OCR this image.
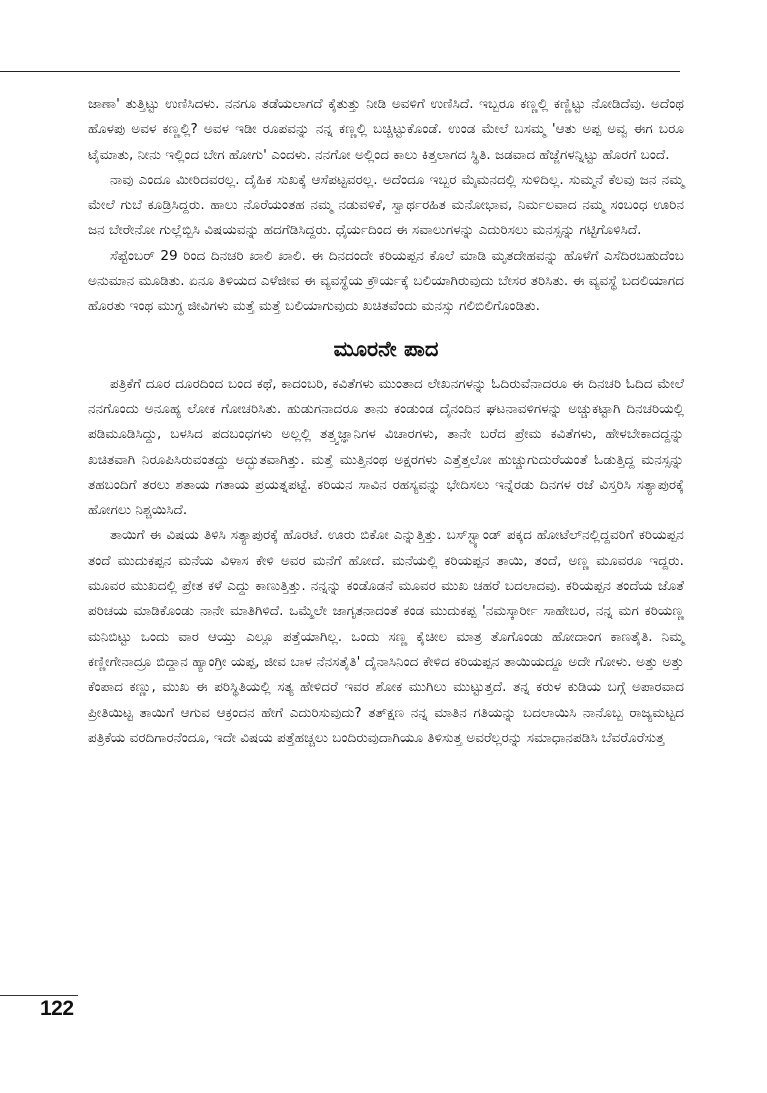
ಜಾಣಾ' ತುತ್ತಿಟ್ಟು ಉಣಿಸಿದಳು. ನನಗೂ ತಡೆಯಲಾಗದೆ ಕೈತುತ್ತು ನೀಡಿ ಅವಳಿಗೆ ಉಣಿಸಿದೆ. ಇಬ್ಬರೂ ಕಣ್ಣಲ್ಲಿ ಕಣ್ಣಿಟ್ಟು ನೋಡಿದೆವು. ಅದೆಂಥ ಹೊಳಪು ಅವಳ ಕಣ್ಣಲ್ಲಿ? ಅವಳ ಇಡೀ ರೂಪವನ್ನು ನನ್ನ ಕಣ್ಣಲ್ಲಿ ಬಚ್ಚಿಟ್ಟುಕೊಂಡೆ. ಉಂಡ ಮೇಲೆ ಬಸಮ್ಮ 'ಆತು ಅಪ್ಪ ಅವ್ವ ಈಗ ಬರೂ ಟೈಮಾತು, ನೀನು ಇಲ್ಲಿಂದ ಬೇಗ ಹೋಗು' ಎಂದಳು. ನನಗೋ ಅಲ್ಲಿಂದ ಕಾಲು ಕಿತ್ತಲಾಗದ ಸ್ಥಿತಿ. ಜಡವಾದ ಹೆಜ್ಜೆಗಳನ್ನಿಟ್ಟು ಹೊರಗೆ ಬಂದೆ.

ನಾವು ಎಂದೂ ಮೀರಿದವರಲ್ಲ. ದೈಹಿಕ ಸುಖಕ್ಕೆ ಆಸೆಪಟ್ಟವರಲ್ಲ. ಅದೆಂದೂ ಇಬ್ಬರ ಮೈಮನದಲ್ಲಿ ಸುಳಿದಿಲ್ಲ. ಸುಮ್ಮನೆ ಕೆಲವು ಜನ ನಮ್ಮ ಮೇಲೆ ಗುಬೆ ಕೂಡ್ರಿಸಿದ್ದರು. ಹಾಲು ನೊರೆಯಂತಹ ನಮ್ಮ ನಡುವಳಿಕೆ, ಸ್ವಾರ್ಥರಹಿತ ಮನೋಭಾವ, ನಿರ್ಮಲವಾದ ನಮ್ಮ ಸಂಬಂಧ ಊರಿನ ಜನ ಬೇರೇನೋ ಗುಲ್ಲೆಬ್ಬಿಸಿ ವಿಷಯವನ್ನು ಹದಗೆಡಿಸಿದ್ದರು. ಧೈರ್ಯದಿಂದ ಈ ಸವಾಲುಗಳನ್ನು ಎದುರಿಸಲು ಮನಸ್ಸನ್ನು ಗಟ್ಟಿಗೊಳಿಸಿದೆ.

ಸೆಪ್ಟೆಂಬರ್ 29 ರಿಂದ ದಿನಚರಿ ಖಾಲಿ ಖಾಲಿ. ಈ ದಿನದಂದೇ ಕರಿಯಪ್ಪನ ಕೊಲೆ ಮಾಡಿ ಮೃತದೇಹವನ್ನು ಹೊಳೆಗೆ ಎಸೆದಿರಬಹುದೆಂಬ ಅನುಮಾನ ಮೂಡಿತು. ಏನೂ ತಿಳಿಯದ ಎಳೆಜೀವ ಈ ವ್ಯವಸ್ಥೆಯ ಕ್ರೌರ್ಯಕ್ಕೆ ಬಲಿಯಾಗಿರುವುದು ಬೇಸರ ತರಿಸಿತು. ಈ ವ್ಯವಸ್ಥೆ ಬದಲಿಯಾಗದ ಹೊರತು ಇಂಥ ಮುಗ್ಧ ಜೀವಿಗಳು ಮತ್ತೆ ಮತ್ತೆ ಬಲಿಯಾಗುವುದು ಖಚಿತವೆಂದು ಮನಸ್ಸು ಗಲಿಬಿಲಿಗೊಂಡಿತು.

ಮೂರನೇ ಪಾದ

ಪತ್ರಿಕೆಗೆ ದೂರ ದೂರದಿಂದ ಬಂದ ಕಥೆ, ಕಾದಂಬರಿ, ಕವಿತೆಗಳು ಮುಂತಾದ ಲೇಖನಗಳನ್ನು ಓದಿರುವೆನಾದರೂ ಈ ದಿನಚರಿ ಓದಿದ ಮೇಲೆ ನನಗೊಂದು ಅನೂಹ್ಯ ಲೋಕ ಗೋಚರಿಸಿತು. ಹುಡುಗನಾದರೂ ತಾನು ಕಂಡುಂಡ ದೈನಂದಿನ ಘಟನಾವಳಿಗಳನ್ನು ಅಚ್ಚುಕಟ್ಟಾಗಿ ದಿನಚರಿಯಲ್ಲಿ ಪಡಿಮೂಡಿಸಿದ್ದು, ಬಳಸಿದ ಪದಬಂಧಗಳು ಅಲ್ಲಲ್ಲಿ ತತ್ತ್ವಜ್ಞಾನಿಗಳ ವಿಚಾರಗಳು, ತಾನೇ ಬರೆದ ಪ್ರೇಮ ಕವಿತೆಗಳು, ಹೇಳಬೇಕಾದದ್ದನ್ನು ಖಚಿತವಾಗಿ ನಿರೂಪಿಸಿರುವಂತದ್ದು ಅದ್ಭುತವಾಗಿತ್ತು. ಮತ್ತೆ ಮುತ್ತಿನಂಥ ಅಕ್ಷರಗಳು ಎತ್ತೆತ್ತಲೋ ಹುಚ್ಚುಗುದುರೆಯಂತೆ ಓಡುತ್ತಿದ್ದ ಮನಸ್ಸನ್ನು ತಹಬಂದಿಗೆ ತರಲು ಶತಾಯ ಗತಾಯ ಪ್ರಯತ್ನಪಟ್ಟೆ. ಕರಿಯನ ಸಾವಿನ ರಹಸ್ಯವನ್ನು ಭೇದಿಸಲು ಇನ್ನೆರಡು ದಿನಗಳ ರಜೆ ವಿಸ್ತರಿಸಿ ಸತ್ಯಾಪುರಕ್ಕೆ ಹೋಗಲು ನಿಶ್ಚಯಿಸಿದೆ.

ತಾಯಿಗೆ ಈ ವಿಷಯ ತಿಳಿಸಿ ಸತ್ಯಾಪುರಕ್ಕೆ ಹೊರಟೆ. ಊರು ಬಿಕೋ ಎನ್ನುತ್ತಿತ್ತು. ಬಸ್‌ಸ್ಟ್ಯಾಂಡ್ ಪಕ್ಕದ ಹೋಟೆಲ್‌ನಲ್ಲಿದ್ದವರಿಗೆ ಕರಿಯಪ್ಪನ ತಂದೆ ಮುದುಕಪ್ಪನ ಮನೆಯ ವಿಳಾಸ ಕೇಳಿ ಅವರ ಮನೆಗೆ ಹೋದೆ. ಮನೆಯಲ್ಲಿ ಕರಿಯಪ್ಪನ ತಾಯಿ, ತಂದೆ, ಅಣ್ಣ ಮೂವರೂ ಇದ್ದರು. ಮೂವರ ಮುಖದಲ್ಲಿ ಪ್ರೇತ ಕಳೆ ಎದ್ದು ಕಾಣುತ್ತಿತ್ತು. ನನ್ನನ್ನು ಕಂಡೊಡನೆ ಮೂವರ ಮುಖ ಚಹರೆ ಬದಲಾದವು. ಕರಿಯಪ್ಪನ ತಂದೆಯ ಜೊತೆ ಪರಿಚಯ ಮಾಡಿಕೊಂಡು ನಾನೇ ಮಾತಿಗಿಳಿದೆ. ಒಮ್ಮೆಲೇ ಜಾಗೃತನಾದಂತೆ ಕಂಡ ಮುದುಕಪ್ಪ 'ನಮಸ್ಕಾರ್ರೀ ಸಾಹೇಬರ, ನನ್ನ ಮಗ ಕರಿಯಣ್ಣ ಮನಿಬಿಟ್ಟು ಒಂದು ವಾರ ಆಯ್ತು ಎಲ್ಲೂ ಪತ್ತೆಯಾಗಿಲ್ಲ. ಒಂದು ಸಣ್ಣ ಕೈಚೀಲ ಮಾತ್ರ ತೊಗೊಂಡು ಹೋದಾಂಗ ಕಾಣತೈತಿ. ನಿಮ್ಮ ಕಣ್ಣೀಗೇನಾದ್ರೂ ಬಿದ್ದಾನ ಹ್ಯಾಂಗ್ರೀ ಯಪ್ಪ, ಜೀವ ಬಾಳ ನೆನಸತೈತಿ' ದೈನಾಸಿನಿಂದ ಕೇಳಿದ ಕರಿಯಪ್ಪನ ತಾಯಿಯದ್ದೂ ಅದೇ ಗೋಳು. ಅತ್ತು ಅತ್ತು ಕೆಂಪಾದ ಕಣ್ಣು, ಮುಖ ಈ ಪರಿಸ್ಥಿತಿಯಲ್ಲಿ ಸತ್ಯ ಹೇಳಿದರೆ ಇವರ ಶೋಕ ಮುಗಿಲು ಮುಟ್ಟುತ್ತದೆ. ತನ್ನ ಕರುಳ ಕುಡಿಯ ಬಗ್ಗೆ ಅಪಾರವಾದ ಪ್ರೀತಿಯಿಟ್ಟ ತಾಯಿಗೆ ಆಗುವ ಆಕ್ರಂದನ ಹೇಗೆ ಎದುರಿಸುವುದು? ತತ್‌ಕ್ಷಣ ನನ್ನ ಮಾತಿನ ಗತಿಯನ್ನು ಬದಲಾಯಿಸಿ ನಾನೊಬ್ಬ ರಾಜ್ಯಮಟ್ಟದ ಪತ್ರಿಕೆಯ ವರದಿಗಾರನೆಂದೂ, ಇದೇ ವಿಷಯ ಪತ್ತೆಹಚ್ಚಲು ಬಂದಿರುವುದಾಗಿಯೂ ತಿಳಿಸುತ್ತ ಅವರೆಲ್ಲರನ್ನು ಸಮಾಧಾನಪಡಿಸಿ ಬೆವರೊರೆಸುತ್ತ

122
